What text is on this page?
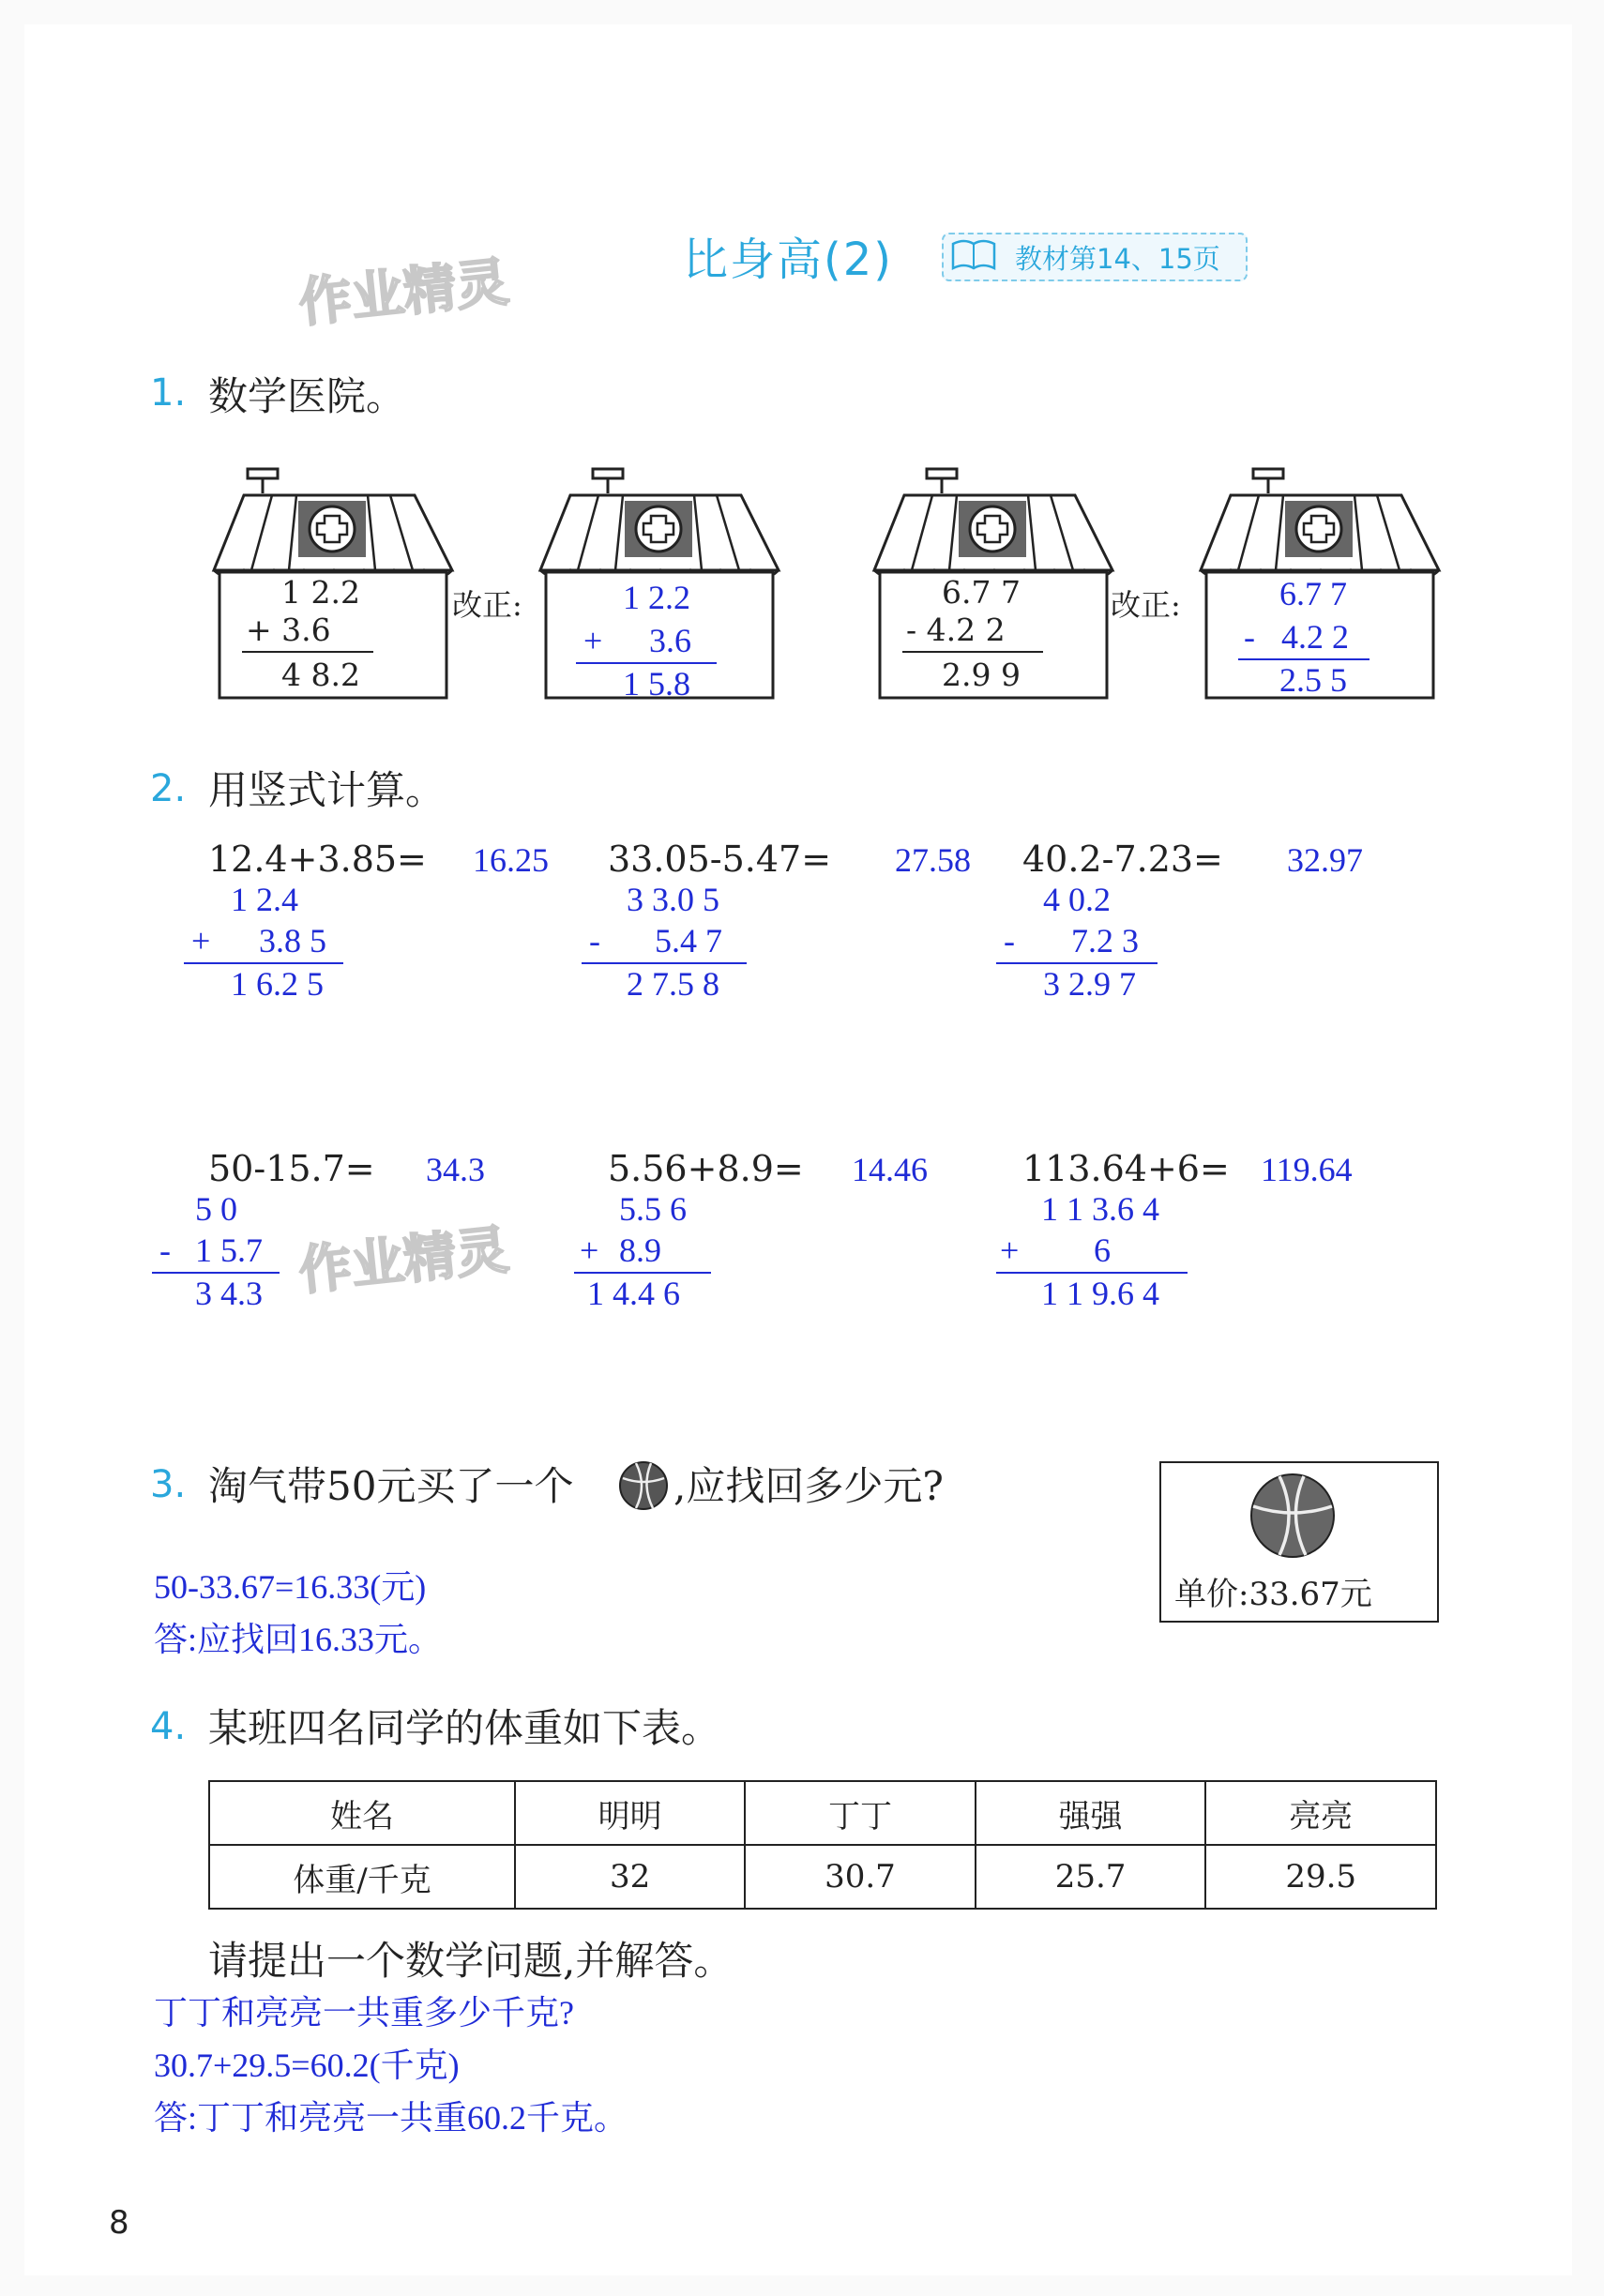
比身高(2)	教材第14、15页
作业精灵
1. 数学医院。
1 2.2
+ 3.6
4 8.2
改正:	1 2.2
+ 3.6
1 5.8
6.7 7
- 4.2 2
2.9 9
改正:	6.7 7
- 4.2 2
2.5 5
2. 用竖式计算。
12.4+3.85= 16.25
1 2.4
+ 3.8 5
1 6.2 5
33.05-5.47= 27.58
3 3.0 5
- 5.4 7
2 7.5 8
40.2-7.23= 32.97
4 0.2
- 7.2 3
3 2.9 7
50-15.7= 34.3
5 0
- 1 5.7
3 4.3 作业精灵
5.56+8.9= 14.46
5.5 6
+ 8.9
1 4.4 6
113.64+6= 119.64
1 1 3.6 4
+ 6
1 1 9.6 4
3. 淘气带50元买了一个	,应找回多少元?
单价:33.67元
50-33.67=16.33(元)
答:应找回16.33元。
4. 某班四名同学的体重如下表。
姓名	明明	丁丁	强强	亮亮
体重/千克	32	30.7	25.7	29.5
请提出一个数学问题,并解答。
丁丁和亮亮一共重多少千克?
30.7+29.5=60.2(千克)
答:丁丁和亮亮一共重60.2千克。
8
